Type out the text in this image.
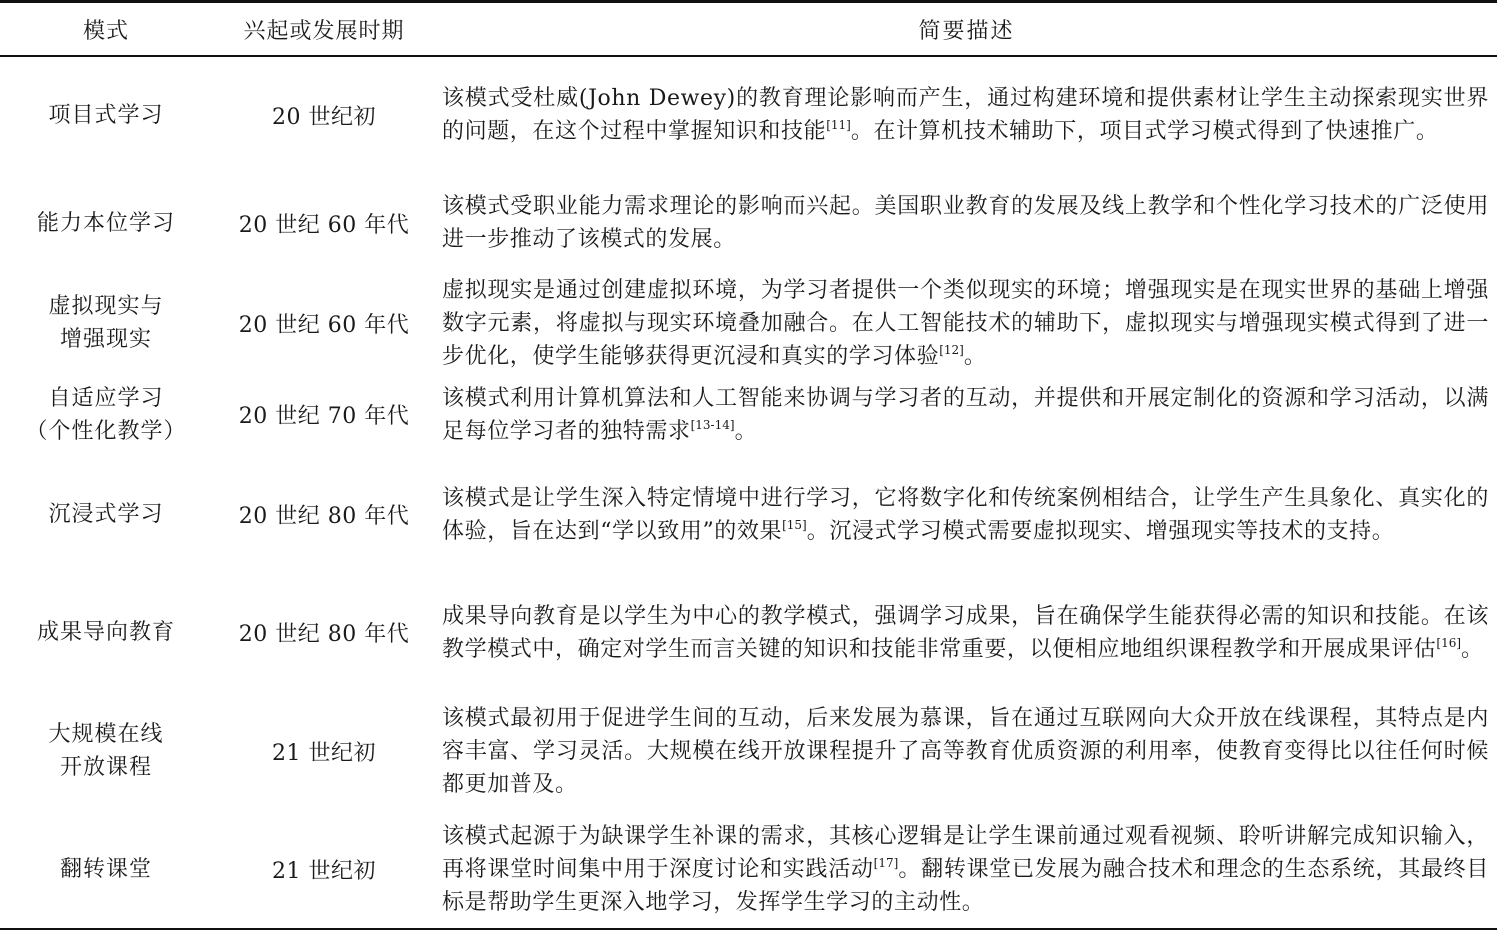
模式	兴起或发展时期	简要描述

项目式学习	20 世纪初	该模式受杜威(John Dewey)的教育理论影响而产生，通过构建环境和提供素材让学生主动探索现实世界的问题，在这个过程中掌握知识和技能[11]。在计算机技术辅助下，项目式学习模式得到了快速推广。

能力本位学习	20 世纪 60 年代	该模式受职业能力需求理论的影响而兴起。美国职业教育的发展及线上教学和个性化学习技术的广泛使用进一步推动了该模式的发展。

虚拟现实与
增强现实	20 世纪 60 年代	虚拟现实是通过创建虚拟环境，为学习者提供一个类似现实的环境；增强现实是在现实世界的基础上增强数字元素，将虚拟与现实环境叠加融合。在人工智能技术的辅助下，虚拟现实与增强现实模式得到了进一步优化，使学生能够获得更沉浸和真实的学习体验[12]。

自适应学习
（个性化教学）	20 世纪 70 年代	该模式利用计算机算法和人工智能来协调与学习者的互动，并提供和开展定制化的资源和学习活动，以满足每位学习者的独特需求[13-14]。

沉浸式学习	20 世纪 80 年代	该模式是让学生深入特定情境中进行学习，它将数字化和传统案例相结合，让学生产生具象化、真实化的体验，旨在达到“学以致用”的效果[15]。沉浸式学习模式需要虚拟现实、增强现实等技术的支持。

成果导向教育	20 世纪 80 年代	成果导向教育是以学生为中心的教学模式，强调学习成果，旨在确保学生能获得必需的知识和技能。在该教学模式中，确定对学生而言关键的知识和技能非常重要，以便相应地组织课程教学和开展成果评估[16]。

大规模在线
开放课程	21 世纪初	该模式最初用于促进学生间的互动，后来发展为慕课，旨在通过互联网向大众开放在线课程，其特点是内容丰富、学习灵活。大规模在线开放课程提升了高等教育优质资源的利用率，使教育变得比以往任何时候都更加普及。

翻转课堂	21 世纪初	该模式起源于为缺课学生补课的需求，其核心逻辑是让学生课前通过观看视频、聆听讲解完成知识输入，再将课堂时间集中用于深度讨论和实践活动[17]。翻转课堂已发展为融合技术和理念的生态系统，其最终目标是帮助学生更深入地学习，发挥学生学习的主动性。
